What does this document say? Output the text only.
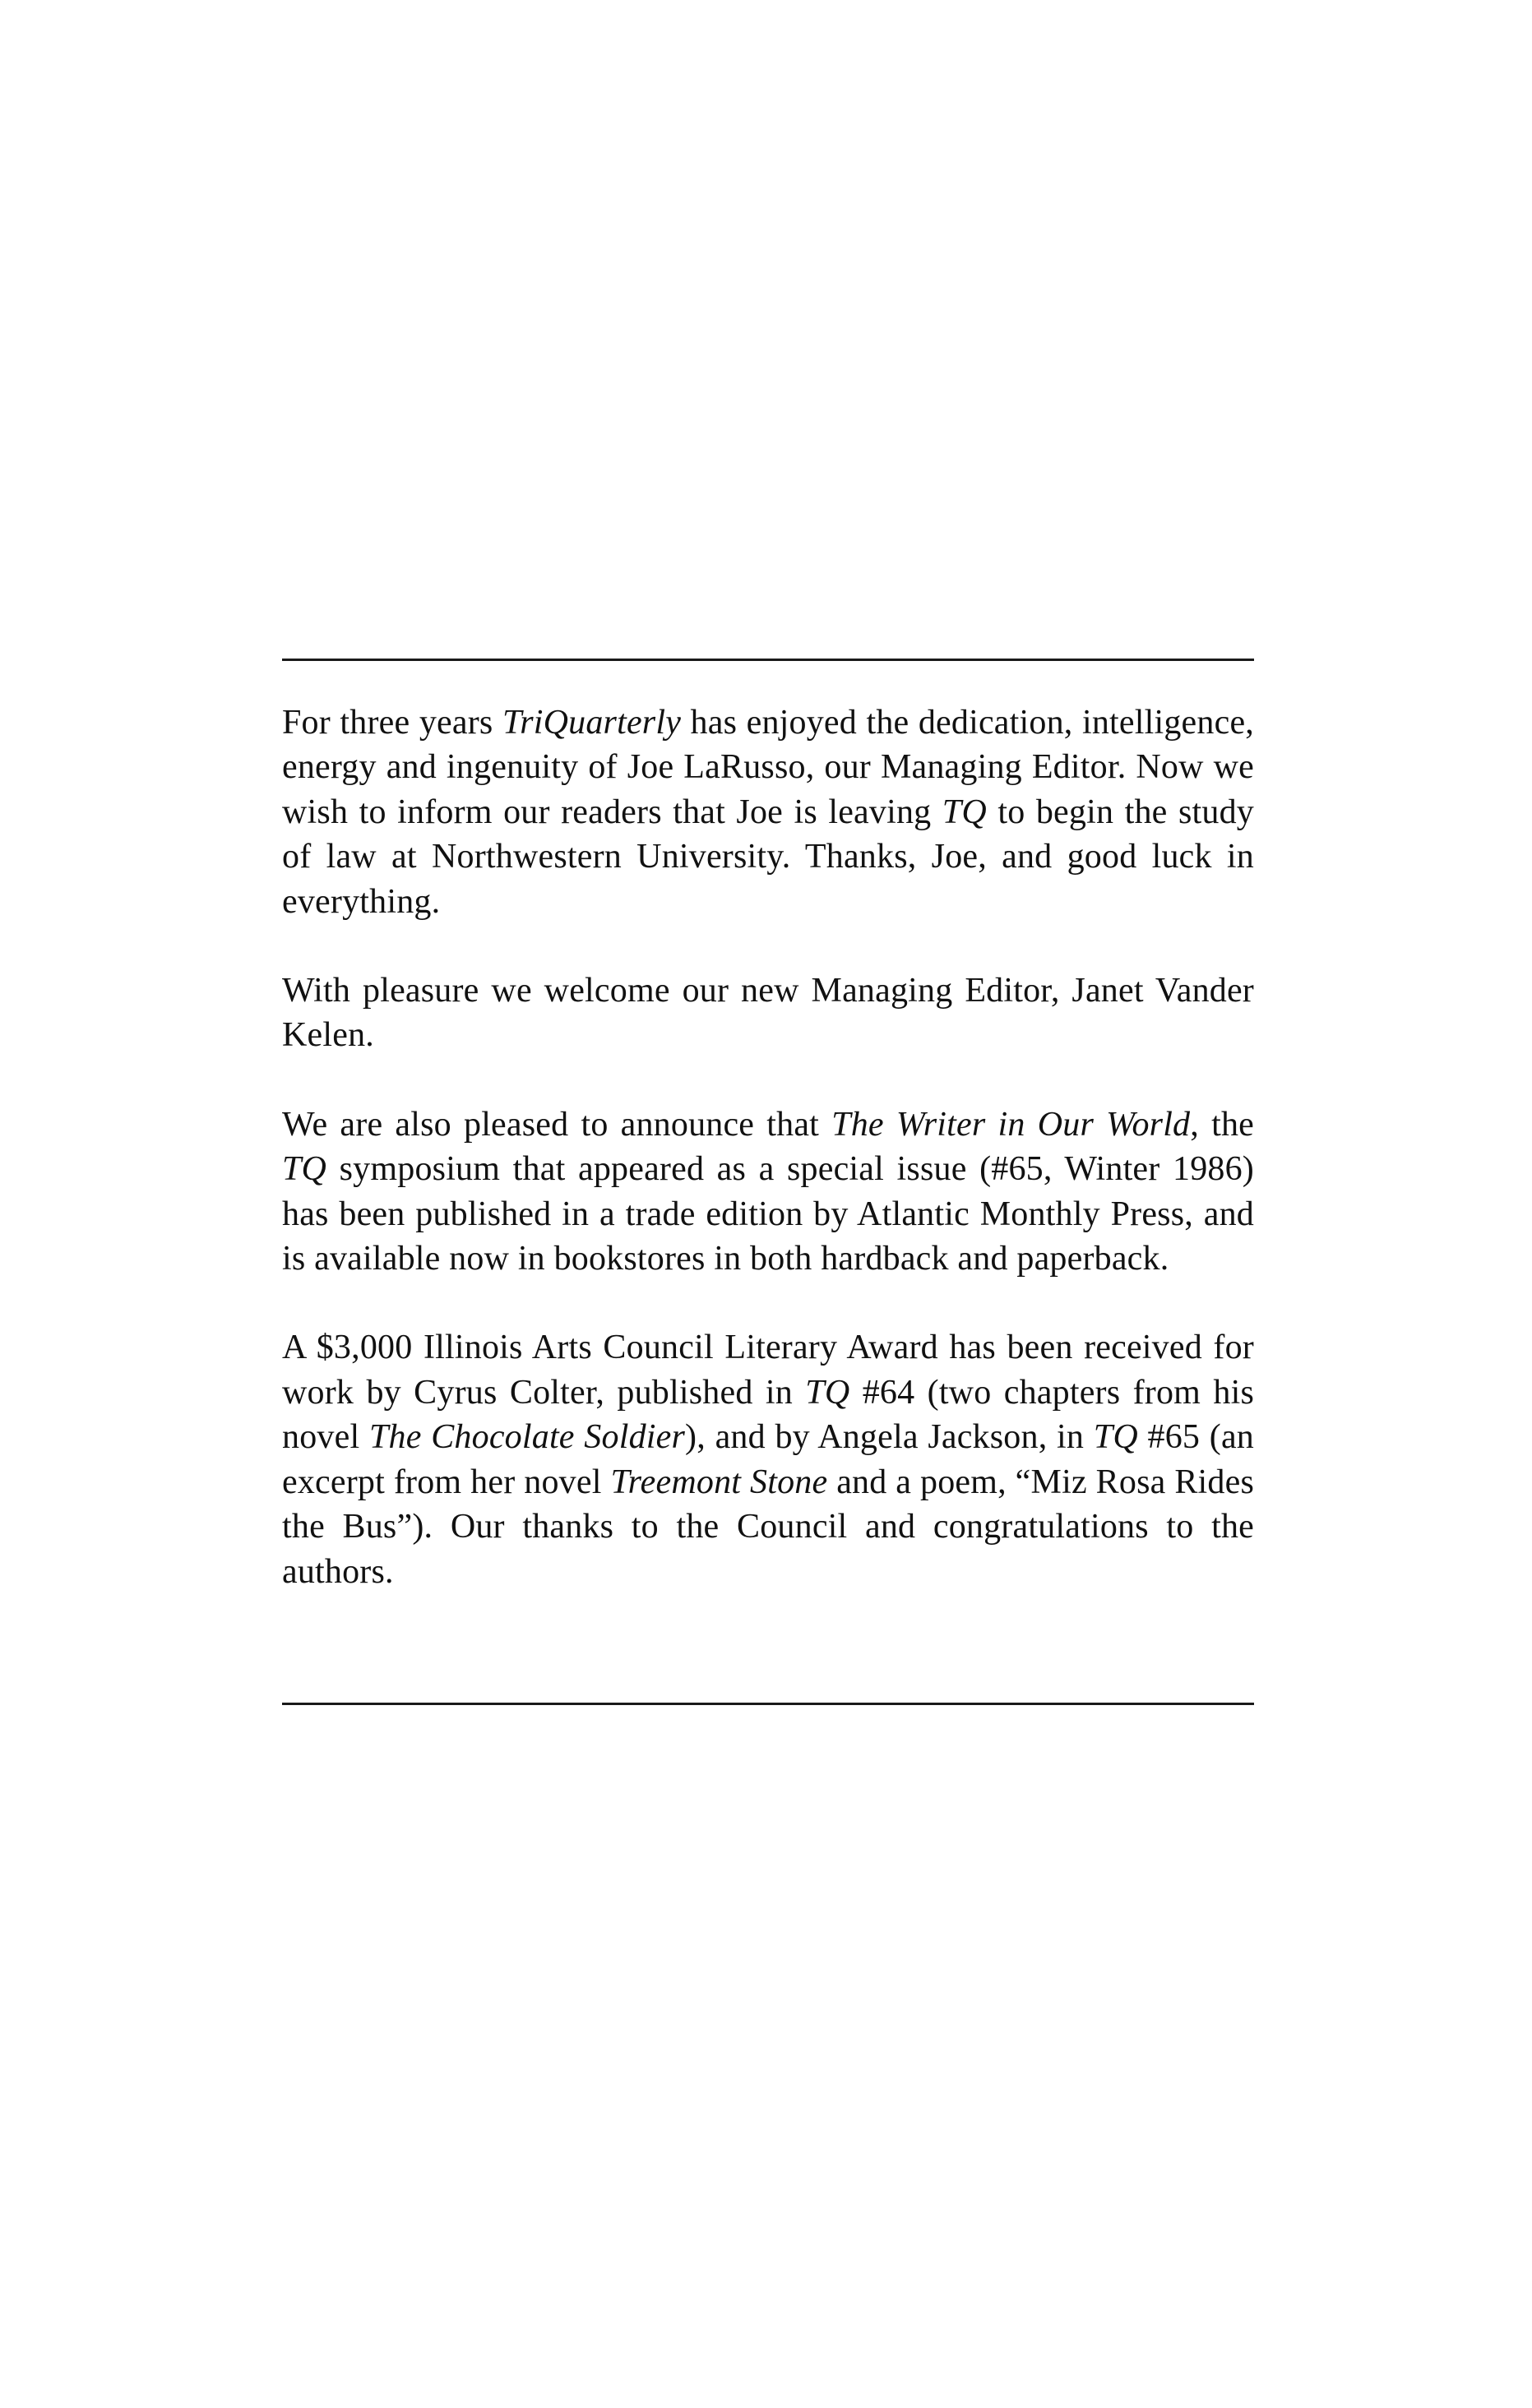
For three years TriQuarterly has enjoyed the dedication, intelligence, energy and ingenuity of Joe LaRusso, our Managing Editor. Now we wish to inform our readers that Joe is leaving TQ to begin the study of law at Northwestern University. Thanks, Joe, and good luck in everything.

With pleasure we welcome our new Managing Editor, Janet Vander Kelen.

We are also pleased to announce that The Writer in Our World, the TQ symposium that appeared as a special issue (#65, Winter 1986) has been published in a trade edition by Atlantic Monthly Press, and is available now in bookstores in both hardback and paperback.

A $3,000 Illinois Arts Council Literary Award has been received for work by Cyrus Colter, published in TQ #64 (two chapters from his novel The Chocolate Soldier), and by Angela Jackson, in TQ #65 (an excerpt from her novel Treemont Stone and a poem, “Miz Rosa Rides the Bus”). Our thanks to the Council and congratulations to the authors.
